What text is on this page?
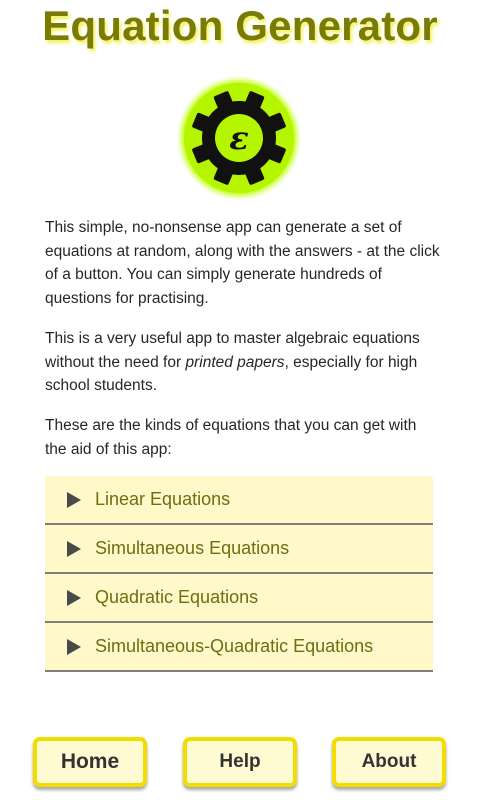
Equation Generator
ε

This simple, no-nonsense app can generate a set of equations at random, along with the answers - at the click of a button. You can simply generate hundreds of questions for practising.

This is a very useful app to master algebraic equations without the need for printed papers, especially for high school students.

These are the kinds of equations that you can get with the aid of this app:

Linear Equations
Simultaneous Equations
Quadratic Equations
Simultaneous-Quadratic Equations
Home	Help	About
